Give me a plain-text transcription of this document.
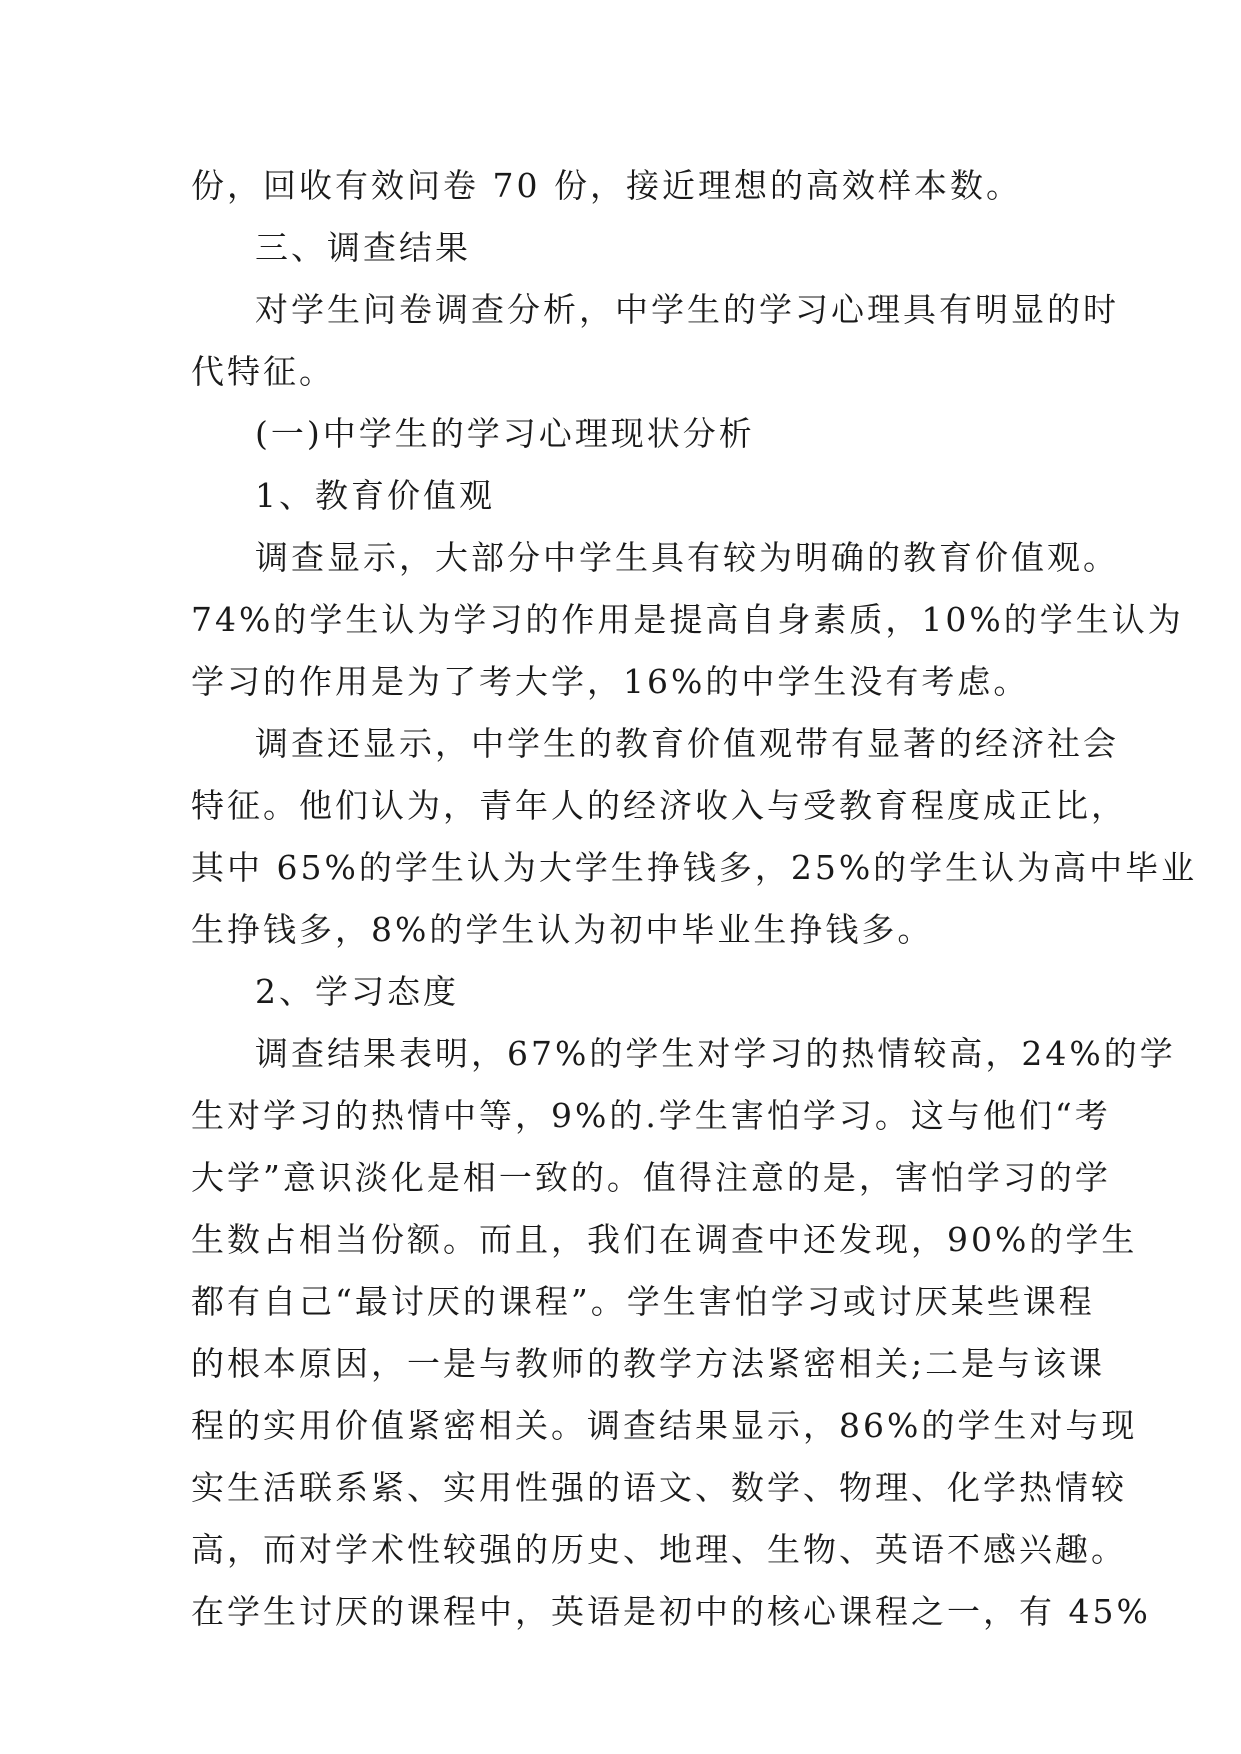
份，回收有效问卷 70 份，接近理想的高效样本数。
三、调查结果
对学生问卷调查分析，中学生的学习心理具有明显的时
代特征。
(一)中学生的学习心理现状分析
1、教育价值观
调查显示，大部分中学生具有较为明确的教育价值观。
74%的学生认为学习的作用是提高自身素质，10%的学生认为
学习的作用是为了考大学，16%的中学生没有考虑。
调查还显示，中学生的教育价值观带有显著的经济社会
特征。他们认为，青年人的经济收入与受教育程度成正比，
其中 65%的学生认为大学生挣钱多，25%的学生认为高中毕业
生挣钱多，8%的学生认为初中毕业生挣钱多。
2、学习态度
调查结果表明，67%的学生对学习的热情较高，24%的学
生对学习的热情中等，9%的.学生害怕学习。这与他们“考
大学”意识淡化是相一致的。值得注意的是，害怕学习的学
生数占相当份额。而且，我们在调查中还发现，90%的学生
都有自己“最讨厌的课程”。学生害怕学习或讨厌某些课程
的根本原因，一是与教师的教学方法紧密相关;二是与该课
程的实用价值紧密相关。调查结果显示，86%的学生对与现
实生活联系紧、实用性强的语文、数学、物理、化学热情较
高，而对学术性较强的历史、地理、生物、英语不感兴趣。
在学生讨厌的课程中，英语是初中的核心课程之一，有 45%
